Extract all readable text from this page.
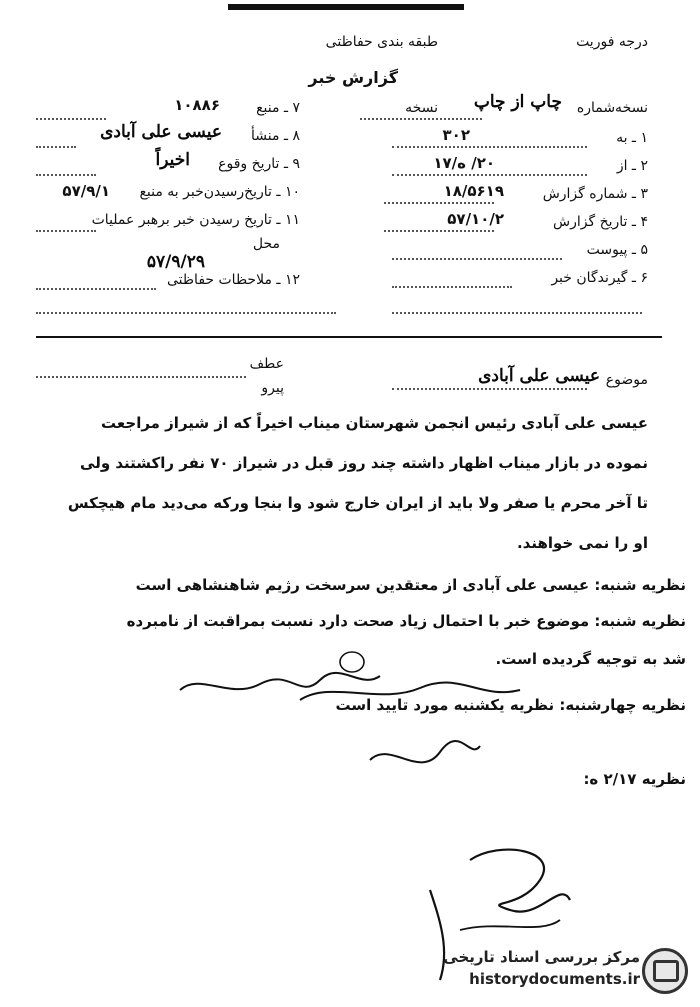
درجه فوریت
طبقه بندی حفاظتی
گزارش خبر
نسخه‌شماره
چاپ از چاپ
نسخه
۱ ـ به
۳۰۲
۲ ـ از
۲۰/ ه/۱۷
۳ ـ شماره گزارش
۱۸/۵۶۱۹
۴ ـ تاریخ گزارش
۵۷/۱۰/۲
۵ ـ پیوست
۶ ـ گیرندگان خبر
۷ ـ منبع
۱۰۸۸۶
۸ ـ منشأ
عیسی علی آبادی
۹ ـ تاریخ وقوع
اخیراً
۱۰ ـ تاریخ‌رسیدن‌خبر به منبع
۵۷/۹/۱
۱۱ ـ تاریخ رسیدن خبر برهبر عملیات
محل
۵۷/۹/۲۹
۱۲ ـ ملاحظات حفاظتی
عطف
پیرو	موضوع
عیسی علی آبادی
عیسی علی آبادی رئیس انجمن شهرستان میناب اخیراً که از شیراز مراجعت
نموده در بازار میناب اظهار داشته چند روز قبل در شیراز ۷۰ نفر راکشتند ولی
تا آخر محرم یا صفر ولا باید از ایران خارج شود وا بنجا ورکه می‌دید مام هیچکس
او را نمی خواهند.
نظریه شنبه: عیسی علی آبادی از معتقدین سرسخت رژیم شاهنشاهی است
نظریه شنبه: موضوع خبر با احتمال زیاد صحت دارد نسبت بمراقبت از نامبرده
شد به توجیه گردیده است.
نظریه چهارشنبه: نظریه یکشنبه مورد تایید است
نظریه ۲/۱۷ ه:
مرکز بررسی اسناد تاریخی
historydocuments.ir
